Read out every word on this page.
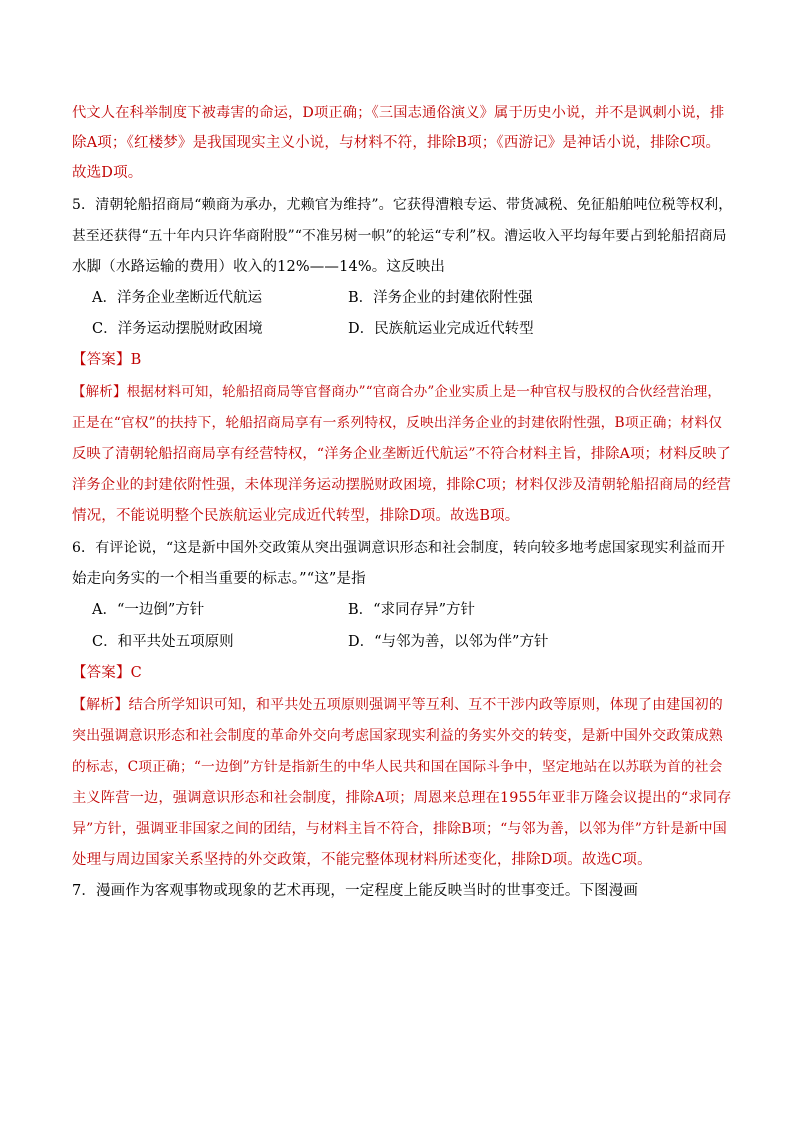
代文人在科举制度下被毒害的命运，D项正确；《三国志通俗演义》属于历史小说，并不是讽刺小说，排
除A项；《红楼梦》是我国现实主义小说，与材料不符，排除B项；《西游记》是神话小说，排除C项。
故选D项。
5．清朝轮船招商局“赖商为承办，尤赖官为维持”。它获得漕粮专运、带货减税、免征船舶吨位税等权利，
甚至还获得“五十年内只许华商附股”“不准另树一帜”的轮运“专利”权。漕运收入平均每年要占到轮船招商局
水脚（水路运输的费用）收入的12%——14%。这反映出
A．洋务企业垄断近代航运	B．洋务企业的封建依附性强
C．洋务运动摆脱财政困境	D．民族航运业完成近代转型
【答案】B
【解析】根据材料可知，轮船招商局等官督商办”“官商合办”企业实质上是一种官权与股权的合伙经营治理，
正是在“官权”的扶持下，轮船招商局享有一系列特权，反映出洋务企业的封建依附性强，B项正确；材料仅
反映了清朝轮船招商局享有经营特权，“洋务企业垄断近代航运”不符合材料主旨，排除A项；材料反映了
洋务企业的封建依附性强，未体现洋务运动摆脱财政困境，排除C项；材料仅涉及清朝轮船招商局的经营
情况，不能说明整个民族航运业完成近代转型，排除D项。故选B项。
6．有评论说，“这是新中国外交政策从突出强调意识形态和社会制度，转向较多地考虑国家现实利益而开
始走向务实的一个相当重要的标志。”“这”是指
A．“一边倒”方针	B．“求同存异”方针
C．和平共处五项原则	D．“与邻为善，以邻为伴”方针
【答案】C
【解析】结合所学知识可知，和平共处五项原则强调平等互利、互不干涉内政等原则，体现了由建国初的
突出强调意识形态和社会制度的革命外交向考虑国家现实利益的务实外交的转变，是新中国外交政策成熟
的标志，C项正确；“一边倒”方针是指新生的中华人民共和国在国际斗争中，坚定地站在以苏联为首的社会
主义阵营一边，强调意识形态和社会制度，排除A项；周恩来总理在1955年亚非万隆会议提出的“求同存
异”方针，强调亚非国家之间的团结，与材料主旨不符合，排除B项；“与邻为善，以邻为伴”方针是新中国
处理与周边国家关系坚持的外交政策，不能完整体现材料所述变化，排除D项。故选C项。
7．漫画作为客观事物或现象的艺术再现，一定程度上能反映当时的世事变迁。下图漫画
